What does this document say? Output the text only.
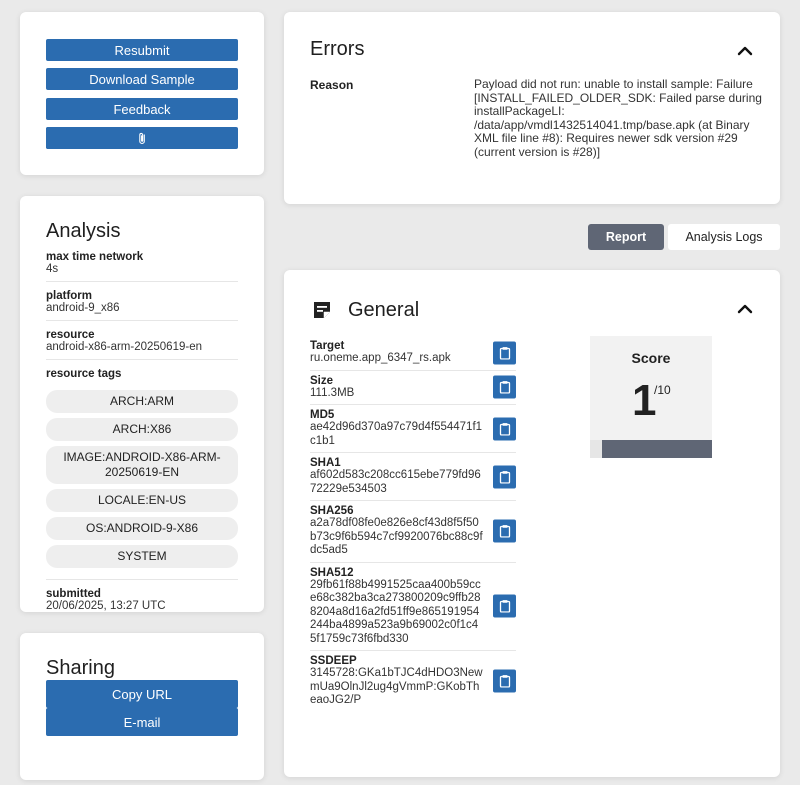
Resubmit
Download Sample
Feedback
Analysis
max time network
4s
platform
android-9_x86
resource
android-x86-arm-20250619-en
resource tags
ARCH:ARM
ARCH:X86
IMAGE:ANDROID-X86-ARM-20250619-EN
LOCALE:EN-US
OS:ANDROID-9-X86
SYSTEM
submitted
20/06/2025, 13:27 UTC
Sharing
Copy URL
E-mail
Errors
Reason	Payload did not run: unable to install sample: Failure [INSTALL_FAILED_OLDER_SDK: Failed parse during installPackageLI: /data/app/vmdl1432514041.tmp/base.apk (at Binary XML file line #8): Requires newer sdk version #29 (current version is #28)]
Report	Analysis Logs
General
Target
ru.oneme.app_6347_rs.apk
Size
111.3MB
MD5
ae42d96d370a97c79d4f554471f1c1b1
SHA1
af602d583c208cc615ebe779fd9672229e534503
SHA256
a2a78df08fe0e826e8cf43d8f5f50b73c9f6b594c7cf9920076bc88c9fdc5ad5
SHA512
29fb61f88b4991525caa400b59cce68c382ba3ca273800209c9ffb288204a8d16a2fd51ff9e865191954244ba4899a523a9b69002c0f1c45f1759c73f6fbd330
SSDEEP
3145728:GKa1bTJC4dHDO3NewmUa9OlnJl2ug4gVmmP:GKobTheaoJG2/P
Score
1
/10
